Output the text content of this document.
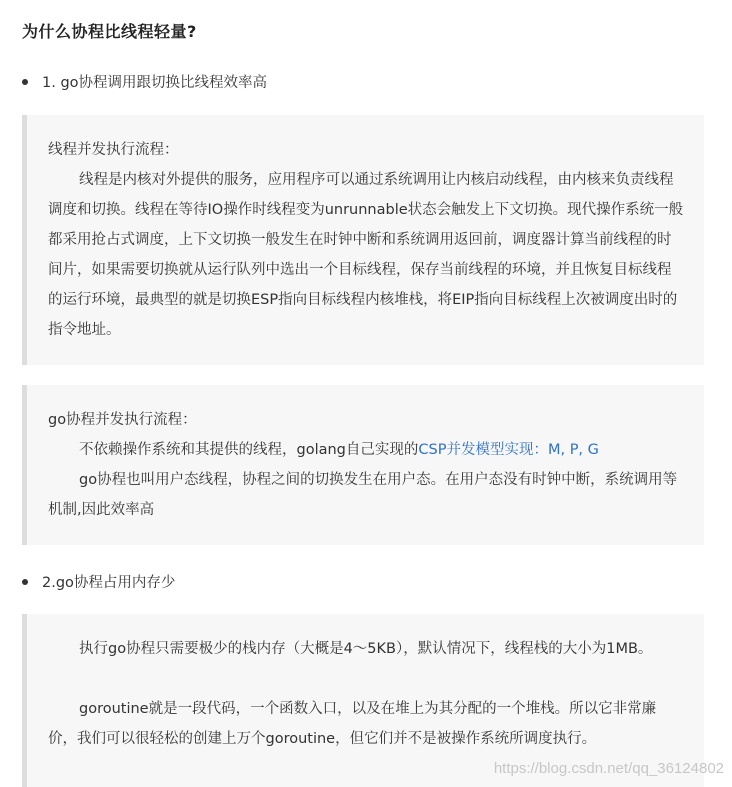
为什么协程比线程轻量?
1. go协程调用跟切换比线程效率高

线程并发执行流程：

线程是内核对外提供的服务，应用程序可以通过系统调用让内核启动线程，由内核来负责线程调度和切换。线程在等待IO操作时线程变为unrunnable状态会触发上下文切换。现代操作系统一般都采用抢占式调度，上下文切换一般发生在时钟中断和系统调用返回前，调度器计算当前线程的时间片，如果需要切换就从运行队列中选出一个目标线程，保存当前线程的环境，并且恢复目标线程的运行环境，最典型的就是切换ESP指向目标线程内核堆栈，将EIP指向目标线程上次被调度出时的指令地址。

go协程并发执行流程：

不依赖操作系统和其提供的线程，golang自己实现的CSP并发模型实现：M, P, G

go协程也叫用户态线程，协程之间的切换发生在用户态。在用户态没有时钟中断，系统调用等机制,因此效率高

2.go协程占用内存少

执行go协程只需要极少的栈内存（大概是4～5KB），默认情况下，线程栈的大小为1MB。

goroutine就是一段代码，一个函数入口，以及在堆上为其分配的一个堆栈。所以它非常廉价，我们可以很轻松的创建上万个goroutine，但它们并不是被操作系统所调度执行。

https://blog.csdn.net/qq_36124802
